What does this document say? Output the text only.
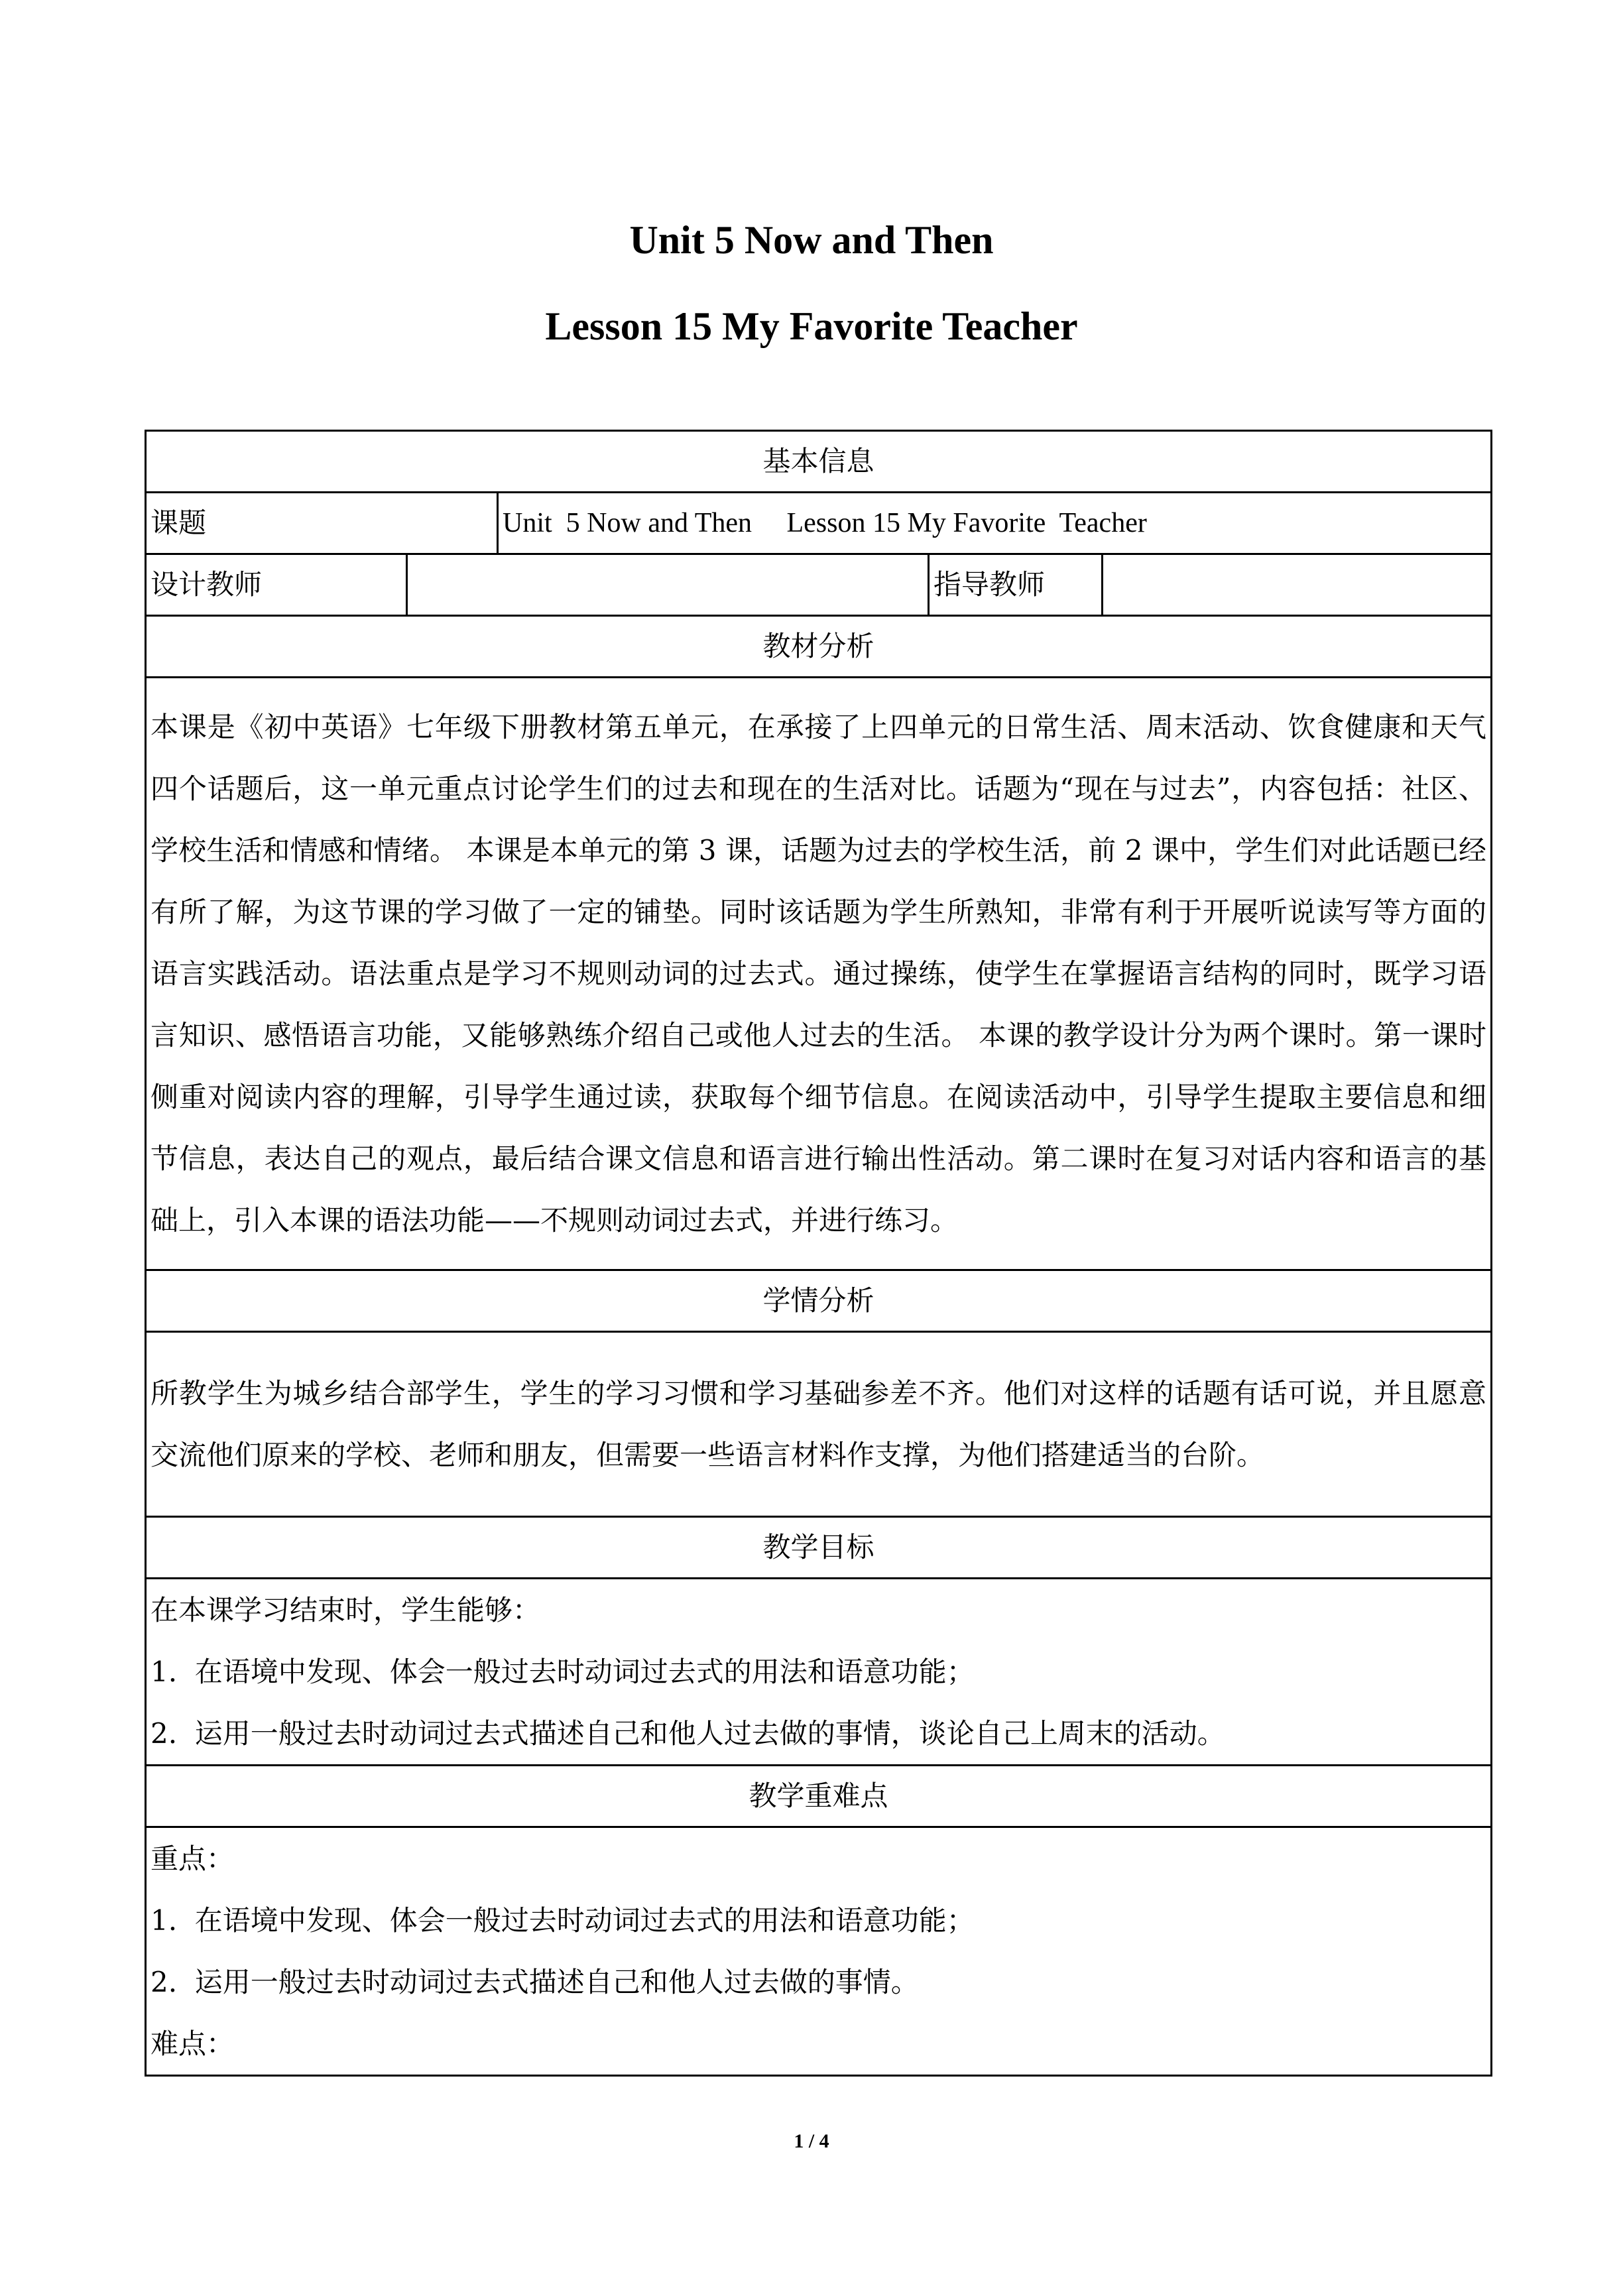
Unit 5 Now and Then
Lesson 15 My Favorite Teacher
基本信息				
课题		Unit  5 Now and Then     Lesson 15 My Favorite  Teacher		
设计教师			指导教师	
教材分析				
本课是《初中英语》七年级下册教材第五单元，在承接了上四单元的日常生活、周末活动、饮食健康和天气四个话题后，这一单元重点讨论学生们的过去和现在的生活对比。话题为“现在与过去”，内容包括：社区、学校生活和情感和情绪。 本课是本单元的第 3 课，话题为过去的学校生活，前 2 课中，学生们对此话题已经有所了解，为这节课的学习做了一定的铺垫。同时该话题为学生所熟知，非常有利于开展听说读写等方面的语言实践活动。语法重点是学习不规则动词的过去式。通过操练，使学生在掌握语言结构的同时，既学习语言知识、感悟语言功能，又能够熟练介绍自己或他人过去的生活。 本课的教学设计分为两个课时。第一课时侧重对阅读内容的理解，引导学生通过读，获取每个细节信息。在阅读活动中，引导学生提取主要信息和细节信息，表达自己的观点，最后结合课文信息和语言进行输出性活动。第二课时在复习对话内容和语言的基础上，引入本课的语法功能——不规则动词过去式，并进行练习。				
学情分析				
所教学生为城乡结合部学生，学生的学习习惯和学习基础参差不齐。他们对这样的话题有话可说，并且愿意交流他们原来的学校、老师和朋友，但需要一些语言材料作支撑，为他们搭建适当的台阶。				
教学目标				

在本课学习结束时，学生能够：
1.  在语境中发现、体会一般过去时动词过去式的用法和语意功能；
2.  运用一般过去时动词过去式描述自己和他人过去做的事情，谈论自己上周末的活动。				

教学重难点				

重点：
1.  在语境中发现、体会一般过去时动词过去式的用法和语意功能；
2.  运用一般过去时动词过去式描述自己和他人过去做的事情。
难点：				
1 / 4
